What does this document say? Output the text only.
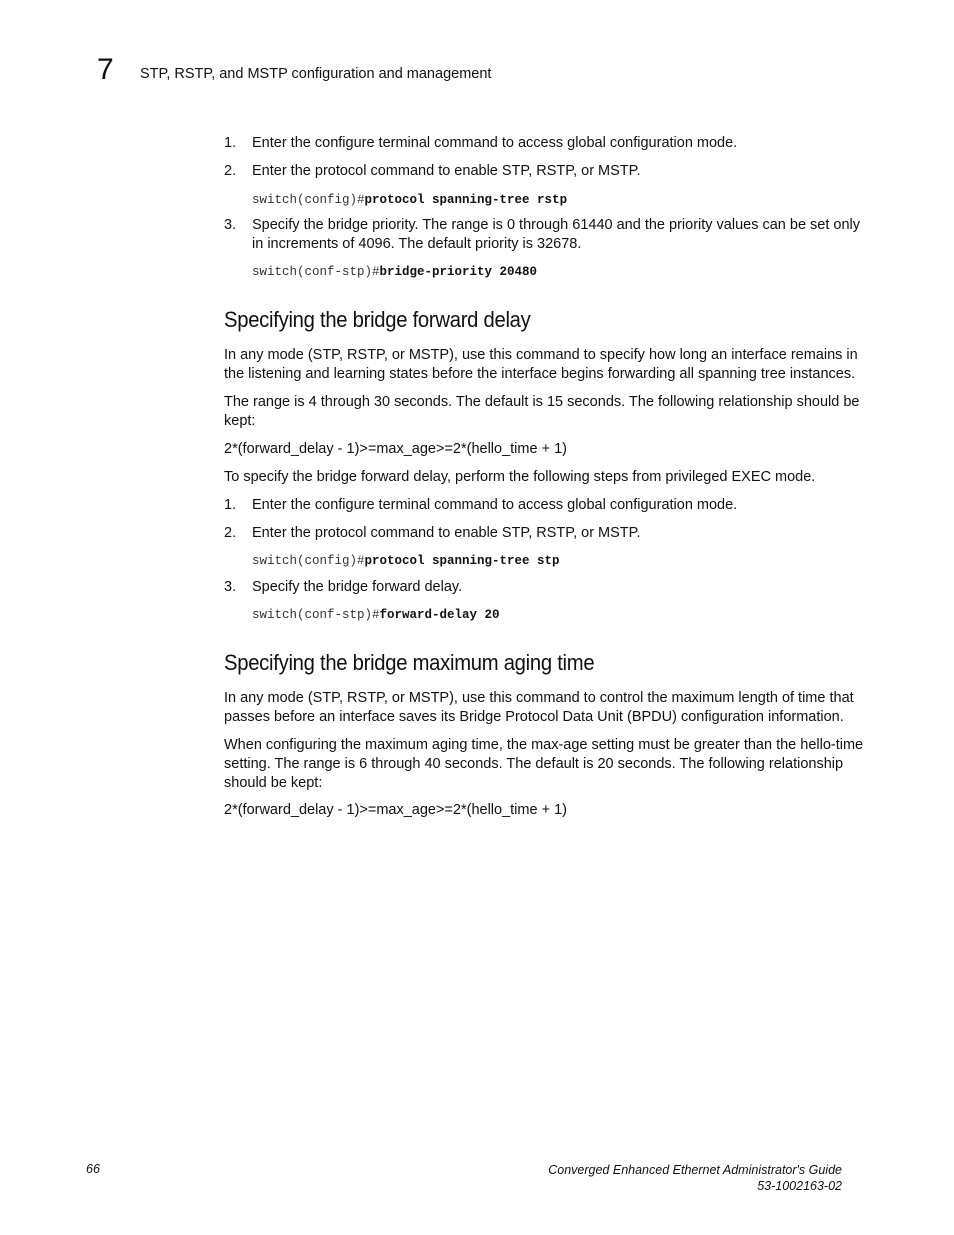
7 STP, RSTP, and MSTP configuration and management
1.	Enter the configure terminal command to access global configuration mode.
2.	Enter the protocol command to enable STP, RSTP, or MSTP.
switch(config)#protocol spanning-tree rstp
3.	Specify the bridge priority. The range is 0 through 61440 and the priority values can be set only in increments of 4096. The default priority is 32678.
switch(conf-stp)#bridge-priority 20480
Specifying the bridge forward delay
In any mode (STP, RSTP, or MSTP), use this command to specify how long an interface remains in the listening and learning states before the interface begins forwarding all spanning tree instances.
The range is 4 through 30 seconds. The default is 15 seconds. The following relationship should be kept:
2*(forward_delay - 1)>=max_age>=2*(hello_time + 1)
To specify the bridge forward delay, perform the following steps from privileged EXEC mode.
1.	Enter the configure terminal command to access global configuration mode.
2.	Enter the protocol command to enable STP, RSTP, or MSTP.
switch(config)#protocol spanning-tree stp
3.	Specify the bridge forward delay.
switch(conf-stp)#forward-delay 20
Specifying the bridge maximum aging time
In any mode (STP, RSTP, or MSTP), use this command to control the maximum length of time that passes before an interface saves its Bridge Protocol Data Unit (BPDU) configuration information.
When configuring the maximum aging time, the max-age setting must be greater than the hello-time setting. The range is 6 through 40 seconds. The default is 20 seconds. The following relationship should be kept:
2*(forward_delay - 1)>=max_age>=2*(hello_time + 1)
66	Converged Enhanced Ethernet Administrator's Guide
53-1002163-02
